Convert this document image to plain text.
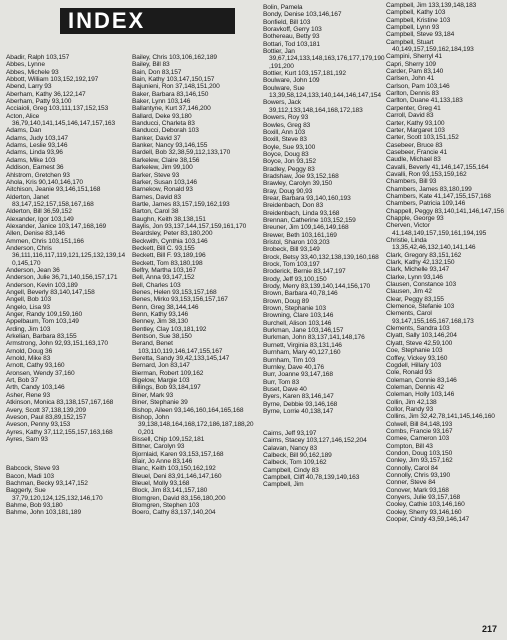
INDEX
Abadir, Ralph 103,157
Abbes, Lynne
Abbes, Michele 93
Abbott, William 103,152,192,197
Abend, Larry 93
Aberham, Kathy 36,122,147
Aberham, Patty 93,100
Acciaioli, Greg 103,111,137,152,153
Acton, Alice 36,79,140,141,145,146,147,157,163
Adams, Dan
Adams, Judy 103,147
Adams, Leslie 93,146
Adams, Linda 93,96
Adams, Mike 103
Addison, Earnest 36
Ahlstrom, Gretchen 93
Ahola, Kris 90,140,146,170
Aitchison, Jeanie 93,146,151,168
Alderton, Janet 83,147,152,157,158,167,168
Alderton, Bill 36,59,152
Alexander, Igor 103,149
Alexander, Janice 103,147,168,169
Allen, Denise 83,146
Ammen, Chris 103,151,166
Anderson, Chris 36,111,116,117,119,121,125,132,139,140,145,170
Anderson, Jean 36
Anderson, Julie 36,71,140,156,157,171
Anderson, Kevin 103,189
Angell, Beverly 83,140,147,158
Angell, Bob 103
Angelo, Lisa 93
Anger, Randy 109,159,160
Appelbaum, Tom 103,149
Arding, Jim 103
Arkelian, Barbara 83,155
Armstrong, John 92,93,151,163,170
Arnold, Doug 36
Arnold, Mike 83
Arnott, Cathy 93,160
Aronsen, Wendy 37,160
Art, Bob 37
Arth, Candy 103,146
Asher, Rene 93
Atkinson, Monica 83,138,157,167,168
Avery, Scott 37,138,139,209
Aveson, Paul 83,89,152,157
Aveson, Penny 93,153
Ayres, Kathy 37,112,155,157,163,168
Ayres, Sam 93
Babcock, Steve 93
Bacon, Madi 103
Bachman, Becky 93,147,152
Baggerly, Sue 37,79,120,124,125,132,146,170
Bahme, Bob 93,180
Bahme, John 103,181,189
Bailey, Chris 103,106,162,189
Bailey, Bill 83
Bain, Don 83,157
Bain, Kathy 103,147,150,157
Bajunieni, Ron 37,148,151,200
Baker, Barbara 83,146,150
Baker, Lynn 103,146
Ballantyne, Kurt 37,146,200
Ballard, Deke 93,180
Banducci, Charleta 83
Banducci, Deborah 103
Banker, David 37
Banker, Nancy 93,146,155
Bardell, Bob 32,38,59,112,133,170
Barkelew, Claire 38,156
Barkelew, Jim 99,100
Barker, Steve 93
Barker, Susan 103,146
Barnekow, Ronald 93
Barnes, David 83
Bartle, James 83,157,159,162,193
Barton, Carol 38
Baughn, Keith 38,138,151
Baylis, Jon 93,137,144,157,159,161,170
Beardsley, Peter 83,180,200
Beckwith, Cynthia 103,146
Beckett, Bill C. 93,155
Beckett, Bill F. 93,189,196
Beckett, Tom 83,180,198
Belfry, Martha 103,167
Bell, Anna 93,147,152
Bell, Charles 103
Benes, Helen 93,153,157,168
Benes, Mirko 93,153,156,157,167
Benn, Greg 38,144,146
Benn, Kathy 93,146
Benney, Jim 38,130
Bentley, Clay 103,181,192
Bentson, Sue 38,150
Berand, Benet 103,110,119,146,147,155,167
Beretta, Sandy 39,42,133,145,147
Bernard, Jon 83,147
Bierman, Robert 109,162
Bigelow, Margie 103
Billings, Bob 93,184,197
Biner, Mark 93
Biner, Stephanie 39
Bishop, Aileen 93,146,160,164,165,168
Bishop, John 39,138,148,164,168,172,186,187,188,200,201
Bissell, Chip 109,152,181
Bittner, Carolyn 93
Bjornlaid, Karen 93,153,157,168
Blair, Jo Anne 83,146
Blanc, Keith 103,150,162,192
Bleuel, Deni 83,91,146,147,160
Bleuel, Molly 93,168
Block, Jim 83,141,157,180
Blomgren, David 83,156,180,200
Blomgren, Stephen 103
Boero, Cathy 83,137,140,204
Bolin, Pamela
Bondy, Denise 103,146,167
Bonfield, Bill 103
Boravkoff, Gerry 103
Bothereau, Betty 93
Bottari, Tod 103,181
Bottier, Jan 39,67,124,133,148,163,176,177,179,190,191,200
Bottier, Kurt 103,157,181,192
Boulware, John 109
Boulware, Sue 13,39,58,124,133,140,144,146,147,154
Bowers, Jack 39,112,133,148,164,168,172,183
Bowers, Roy 93
Bowles, Greg 83
Boxill, Ann 103
Boxill, Steve 83
Boyle, Sue 93,100
Boyce, Doug 83
Boyce, Jon 93,152
Bradley, Peggy 83
Bradshaw, Joe 93,152,168
Brawley, Carolyn 39,150
Bray, Doug 90,93
Brear, Barbara 93,140,160,193
Breidenbach, Don 83
Breidenbach, Linda 93,168
Brennan, Catherine 103,152,159
Breuner, Jim 109,146,149,168
Brewer, Beth 103,161,169
Bristol, Sharon 103,203
Brobeck, Bill 93,149
Brock, Betsy 33,40,132,138,139,160,168
Brock, Tom 103,197
Broderick, Bernie 83,147,197
Brody, Jeff 93,100,150
Brody, Merry 83,139,140,144,156,170
Brown, Barbara 40,78,146
Brown, Doug 89
Brown, Stephanie 103
Browning, Clare 103,146
Burchell, Alison 103,146
Burkman, Jane 103,146,157
Burkman, John 83,137,141,148,176
Burnett, Virginia 83,131,146
Burnham, Mary 40,127,160
Burnham, Tim 103
Burnley, Dave 40,176
Burr, Joanne 93,147,168
Burr, Tom 83
Buset, Dave 40
Byers, Karen 83,146,147
Byrne, Debbie 93,146,168
Byrne, Lorrie 40,138,147
Cairns, Jeff 93,197
Cairns, Stacey 103,127,146,152,204
Calavan, Nancy 83
Calbeck, Bill 90,162,189
Calbeck, Tom 109,162
Campbell, Cindy 83
Campbell, Cliff 40,78,139,149,163
Campbell, Jim
Campbell, Jim 133,139,148,183
Campbell, Kathy 103
Campbell, Kristine 103
Campbell, Lynn 93
Campbell, Steve 93,184
Campbell, Stuart 40,149,157,159,162,184,193
Campini, Sherryl 41
Capri, Sherry 109
Carder, Pam 83,140
Carlsen, John 41
Carlson, Pam 103,146
Carlton, Dennis 83
Carlton, Duane 41,133,183
Carpenter, Greg 41
Carroll, David 83
Carter, Kathy 93,100
Carter, Margaret 103
Carter, Scott 103,151,152
Casebeer, Bruce 83
Casebeer, Francie 41
Caudle, Michael 83
Cavalli, Beverly 41,146,147,155,164
Cavalli, Ron 93,153,159,162
Chambers, Bill 93
Chambers, James 83,180,199
Chambers, Kate 41,147,155,157,168
Chambers, Patricia 109,146
Chappell, Peggy 83,140,141,146,147,156
Chapple, George 93
Cherven, Victor 41,148,149,157,159,161,194,195
Christie, Linda 13,35,42,46,132,140,141,146
Clark, Gregory 83,151,162
Clark, Kathy 42,132,150
Clark, Michelle 93,147
Clarke, Lynn 93,146
Clausen, Constance 103
Clausen, Jim 42
Clear, Peggy 83,155
Clemence, Stefanie 103
Clements, Carol 93,147,155,165,167,168,173
Clements, Sandra 103
Clyatt, Sally 103,146,204
Clyatt, Steve 42,59,100
Coe, Stephanie 103
Coffey, Vickey 93,160
Cogdell, Hillary 103
Cole, Ronald 93
Coleman, Connie 83,146
Coleman, Dennis 42
Coleman, Holly 103,146
Collin, Jim 42,138
Collor, Randy 93
Collins, Jim 32,42,78,141,145,146,160
Colwell, Bill 84,148,193
Combs, Francie 93,167
Comee, Cameron 103
Compton, Bill 43
Condon, Doug 103,150
Conley, Jim 93,157,162
Connolly, Carol 84
Connolly, Chris 93,190
Conner, Steve 84
Conover, Mark 93,168
Conyers, Julie 93,157,168
Cooley, Cathie 103,146,160
Cooley, Sherry 93,146,160
Cooper, Cindy 43,59,146,147
217
